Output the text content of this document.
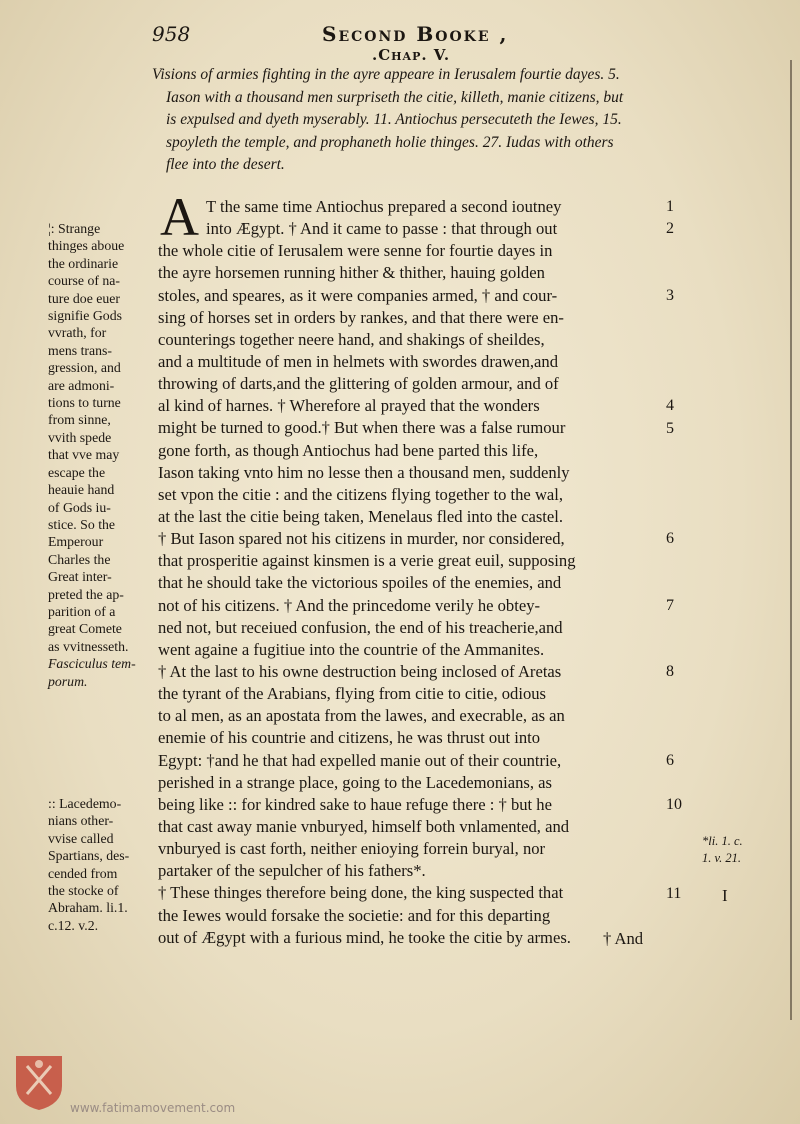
958	Second Booke ,
.Chap. V.
Visions of armies fighting in the ayre appeare in Ierusalem fourtie dayes. 5.
Iason with a thousand men surpriseth the citie, killeth, manie citizens, but
is expulsed and dyeth myserably. 11. Antiochus persecuteth the Iewes, 15.
spoyleth the temple, and prophaneth holie thinges. 27. Iudas with others
flee into the desert.
A T the same time Antiochus prepared a second ioutney
into Ægypt. † And it came to passe : that through out
the whole citie of Ierusalem were senne for fourtie dayes in
the ayre horsemen running hither & thither, hauing golden
stoles, and speares, as it were companies armed, † and cour-
sing of horses set in orders by rankes, and that there were en-
counterings together neere hand, and shakings of sheildes,
and a multitude of men in helmets with swordes drawen,and
throwing of darts,and the glittering of golden armour, and of
al kind of harnes. † Wherefore al prayed that the wonders
might be turned to good.† But when there was a false rumour
gone forth, as though Antiochus had bene parted this life,
Iason taking vnto him no lesse then a thousand men, suddenly
set vpon the citie : and the citizens flying together to the wal,
at the last the citie being taken, Menelaus fled into the castel.
† But Iason spared not his citizens in murder, nor considered,
that prosperitie against kinsmen is a verie great euil, supposing
that he should take the victorious spoiles of the enemies, and
not of his citizens. † And the princedome verily he obtey-
ned not, but receiued confusion, the end of his treacherie,and
went againe a fugitiue into the countrie of the Ammanites.
† At the last to his owne destruction being inclosed of Aretas
the tyrant of the Arabians, flying from citie to citie, odious
to al men, as an apostata from the lawes, and execrable, as an
enemie of his countrie and citizens, he was thrust out into
Egypt: †and he that had expelled manie out of their countrie,
perished in a strange place, going to the Lacedemonians, as
being like :: for kindred sake to haue refuge there : † but he
that cast away manie vnburyed, himself both vnlamented, and
vnburyed is cast forth, neither enioying forrein buryal, nor
partaker of the sepulcher of his fathers*.
† These thinges therefore being done, the king suspected that
the Iewes would forsake the societie: and for this departing
out of Ægypt with a furious mind, he tooke the citie by armes.
1
2
3
4
5
6
7
8
6
10
11
¦: Strange
thinges aboue
the ordinarie
course of na-
ture doe euer
signifie Gods
vvrath, for
mens trans-
gression, and
are admoni-
tions to turne
from sinne,
vvith spede
that vve may
escape the
heauie hand
of Gods iu-
stice. So the
Emperour
Charles the
Great inter-
preted the ap-
parition of a
great Comete
as vvitnesseth.
Fasciculus tem-
porum.
:: Lacedemo-
nians other-
vvise called
Spartians, des-
cended from
the stocke of
Abraham. li.1.
c.12. v.2.
*li. 1. c.
1. v. 21.
I
† And
www.fatimamovement.com
